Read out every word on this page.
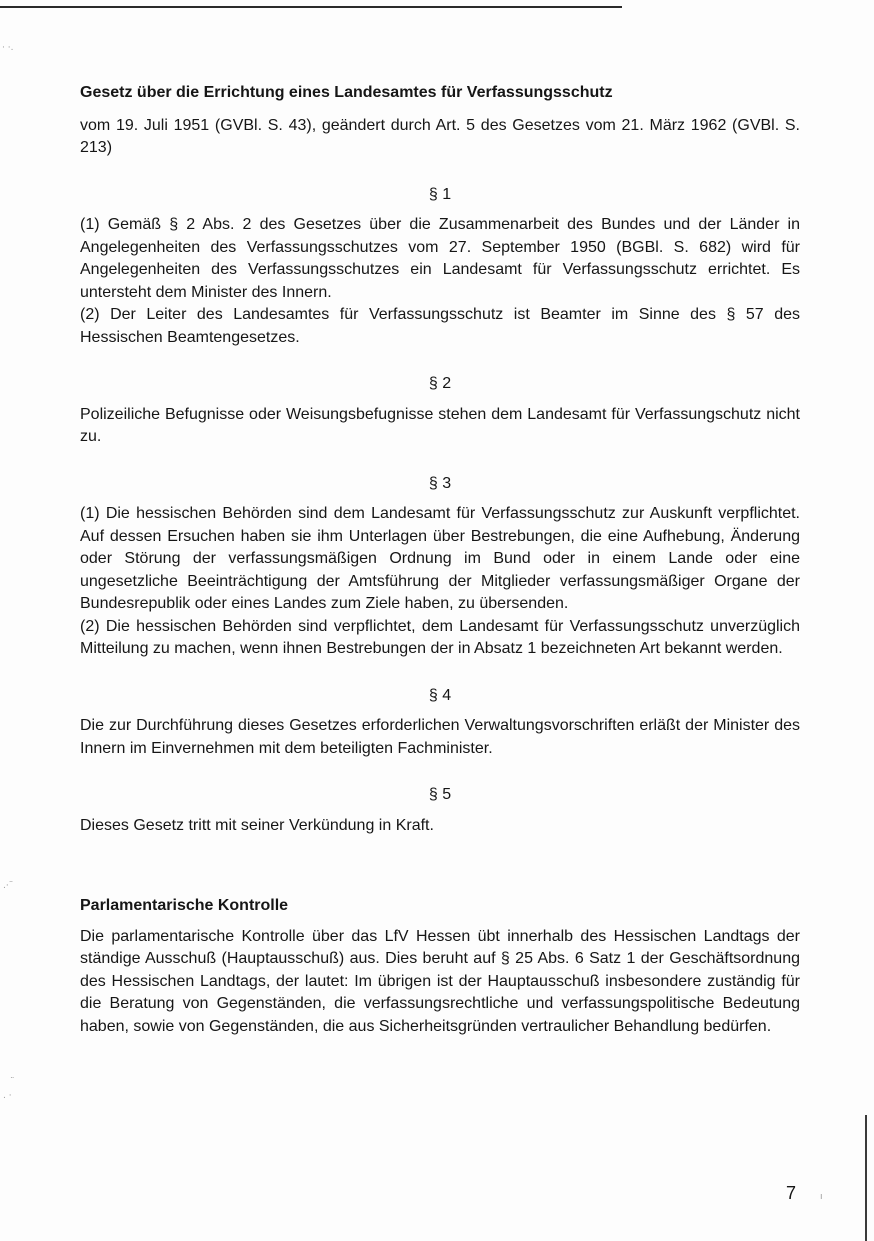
· ·.
.·¨
¨
. ·
ı
Gesetz über die Errichtung eines Landesamtes für Verfassungsschutz

vom 19. Juli 1951 (GVBl. S. 43), geändert durch Art. 5 des Gesetzes vom 21. März 1962 (GVBl. S. 213)

§ 1

(1) Gemäß § 2 Abs. 2 des Gesetzes über die Zusammenarbeit des Bundes und der Länder in Angelegenheiten des Verfassungsschutzes vom 27. September 1950 (BGBl. S. 682) wird für Angelegenheiten des Verfassungsschutzes ein Landesamt für Verfassungsschutz errichtet. Es untersteht dem Minister des Innern.

(2) Der Leiter des Landesamtes für Verfassungsschutz ist Beamter im Sinne des § 57 des Hessischen Beamtengesetzes.

§ 2

Polizeiliche Befugnisse oder Weisungsbefugnisse stehen dem Landesamt für Verfassungschutz nicht zu.

§ 3

(1) Die hessischen Behörden sind dem Landesamt für Verfassungsschutz zur Auskunft verpflichtet. Auf dessen Ersuchen haben sie ihm Unterlagen über Bestrebungen, die eine Aufhebung, Änderung oder Störung der verfassungsmäßigen Ordnung im Bund oder in einem Lande oder eine ungesetzliche Beeinträchtigung der Amtsführung der Mitglieder verfassungsmäßiger Organe der Bundesrepublik oder eines Landes zum Ziele haben, zu übersenden.

(2) Die hessischen Behörden sind verpflichtet, dem Landesamt für Verfassungsschutz unverzüglich Mitteilung zu machen, wenn ihnen Bestrebungen der in Absatz 1 bezeichneten Art bekannt werden.

§ 4

Die zur Durchführung dieses Gesetzes erforderlichen Verwaltungsvorschriften erläßt der Minister des Innern im Einvernehmen mit dem beteiligten Fachminister.

§ 5

Dieses Gesetz tritt mit seiner Verkündung in Kraft.

Parlamentarische Kontrolle

Die parlamentarische Kontrolle über das LfV Hessen übt innerhalb des Hessischen Landtags der ständige Ausschuß (Hauptausschuß) aus. Dies beruht auf § 25 Abs. 6 Satz 1 der Geschäftsordnung des Hessischen Landtags, der lautet: Im übrigen ist der Hauptausschuß insbesondere zuständig für die Beratung von Gegenständen, die verfassungsrechtliche und verfassungspolitische Bedeutung haben, sowie von Gegenständen, die aus Sicherheitsgründen vertraulicher Behandlung bedürfen.

7
